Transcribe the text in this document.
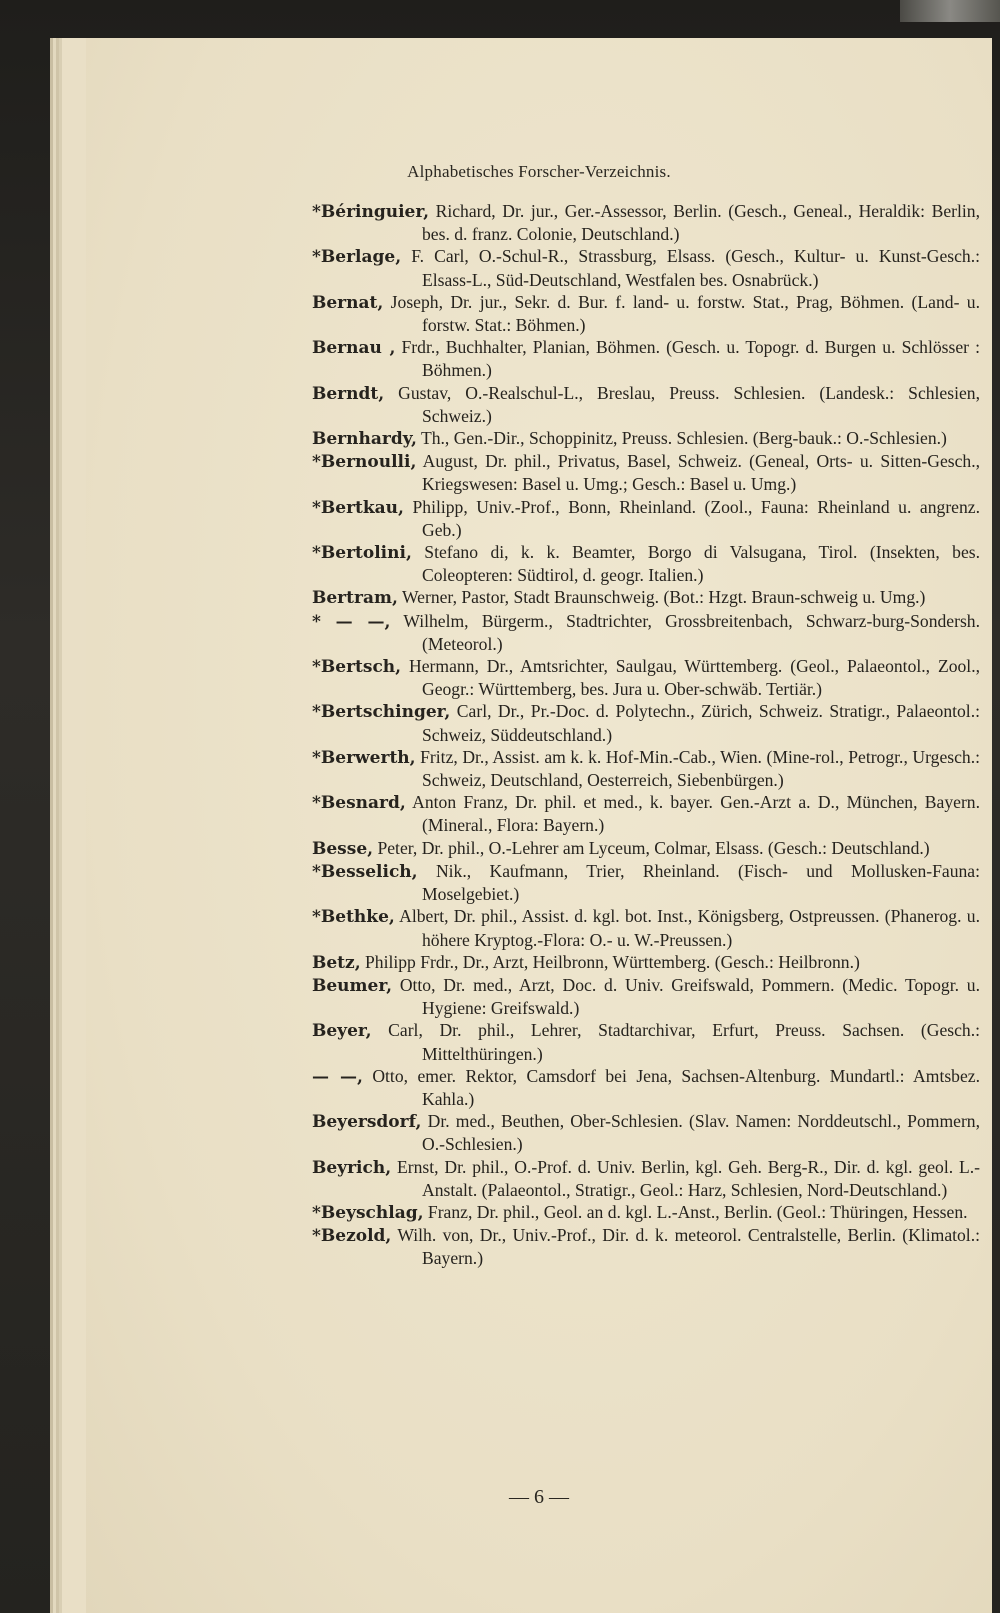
Alphabetisches Forscher-Verzeichnis.

*Béringuier, Richard, Dr. jur., Ger.-Assessor, Berlin. (Gesch., Geneal., Heraldik: Berlin, bes. d. franz. Colonie, Deutschland.)

*Berlage, F. Carl, O.-Schul-R., Strassburg, Elsass. (Gesch., Kultur- u. Kunst-Gesch.: Elsass-L., Süd-Deutschland, Westfalen bes. Osnabrück.)

Bernat, Joseph, Dr. jur., Sekr. d. Bur. f. land- u. forstw. Stat., Prag, Böhmen. (Land- u. forstw. Stat.: Böhmen.)

Bernau , Frdr., Buchhalter, Planian, Böhmen. (Gesch. u. Topogr. d. Burgen u. Schlösser : Böhmen.)

Berndt, Gustav, O.-Realschul-L., Breslau, Preuss. Schlesien. (Landesk.: Schlesien, Schweiz.)

Bernhardy, Th., Gen.-Dir., Schoppinitz, Preuss. Schlesien. (Berg-bauk.: O.-Schlesien.)

*Bernoulli, August, Dr. phil., Privatus, Basel, Schweiz. (Geneal, Orts- u. Sitten-Gesch., Kriegswesen: Basel u. Umg.; Gesch.: Basel u. Umg.)

*Bertkau, Philipp, Univ.-Prof., Bonn, Rheinland. (Zool., Fauna: Rheinland u. angrenz. Geb.)

*Bertolini, Stefano di, k. k. Beamter, Borgo di Valsugana, Tirol. (Insekten, bes. Coleopteren: Südtirol, d. geogr. Italien.)

Bertram, Werner, Pastor, Stadt Braunschweig. (Bot.: Hzgt. Braun-schweig u. Umg.)

* — —, Wilhelm, Bürgerm., Stadtrichter, Grossbreitenbach, Schwarz-burg-Sondersh. (Meteorol.)

*Bertsch, Hermann, Dr., Amtsrichter, Saulgau, Württemberg. (Geol., Palaeontol., Zool., Geogr.: Württemberg, bes. Jura u. Ober-schwäb. Tertiär.)

*Bertschinger, Carl, Dr., Pr.-Doc. d. Polytechn., Zürich, Schweiz. Stratigr., Palaeontol.: Schweiz, Süddeutschland.)

*Berwerth, Fritz, Dr., Assist. am k. k. Hof-Min.-Cab., Wien. (Mine-rol., Petrogr., Urgesch.: Schweiz, Deutschland, Oesterreich, Siebenbürgen.)

*Besnard, Anton Franz, Dr. phil. et med., k. bayer. Gen.-Arzt a. D., München, Bayern. (Mineral., Flora: Bayern.)

Besse, Peter, Dr. phil., O.-Lehrer am Lyceum, Colmar, Elsass. (Gesch.: Deutschland.)

*Besselich, Nik., Kaufmann, Trier, Rheinland. (Fisch- und Mollusken-Fauna: Moselgebiet.)

*Bethke, Albert, Dr. phil., Assist. d. kgl. bot. Inst., Königsberg, Ostpreussen. (Phanerog. u. höhere Kryptog.-Flora: O.- u. W.-Preussen.)

Betz, Philipp Frdr., Dr., Arzt, Heilbronn, Württemberg. (Gesch.: Heilbronn.)

Beumer, Otto, Dr. med., Arzt, Doc. d. Univ. Greifswald, Pommern. (Medic. Topogr. u. Hygiene: Greifswald.)

Beyer, Carl, Dr. phil., Lehrer, Stadtarchivar, Erfurt, Preuss. Sachsen. (Gesch.: Mittelthüringen.)

— —, Otto, emer. Rektor, Camsdorf bei Jena, Sachsen-Altenburg. Mundartl.: Amtsbez. Kahla.)

Beyersdorf, Dr. med., Beuthen, Ober-Schlesien. (Slav. Namen: Norddeutschl., Pommern, O.-Schlesien.)

Beyrich, Ernst, Dr. phil., O.-Prof. d. Univ. Berlin, kgl. Geh. Berg-R., Dir. d. kgl. geol. L.-Anstalt. (Palaeontol., Stratigr., Geol.: Harz, Schlesien, Nord-Deutschland.)

*Beyschlag, Franz, Dr. phil., Geol. an d. kgl. L.-Anst., Berlin. (Geol.: Thüringen, Hessen.

*Bezold, Wilh. von, Dr., Univ.-Prof., Dir. d. k. meteorol. Centralstelle, Berlin. (Klimatol.: Bayern.)

— 6 —
